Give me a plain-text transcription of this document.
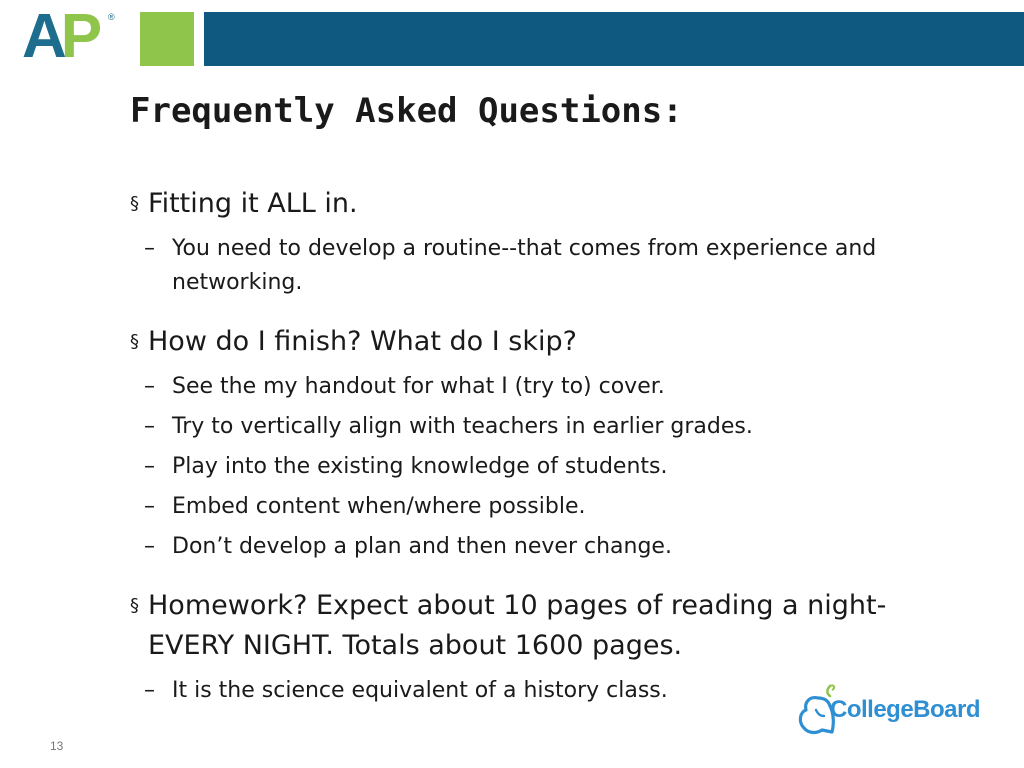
AP ®
Frequently Asked Questions:
§ Fitting it ALL in.
– You need to develop a routine--that comes from experience and networking.
§ How do I finish? What do I skip?
– See the my handout for what I (try to) cover.
– Try to vertically align with teachers in earlier grades.
– Play into the existing knowledge of students.
– Embed content when/where possible.
– Don’t develop a plan and then never change.
§ Homework? Expect about 10 pages of reading a night-EVERY NIGHT. Totals about 1600 pages.
– It is the science equivalent of a history class.
13
CollegeBoard
